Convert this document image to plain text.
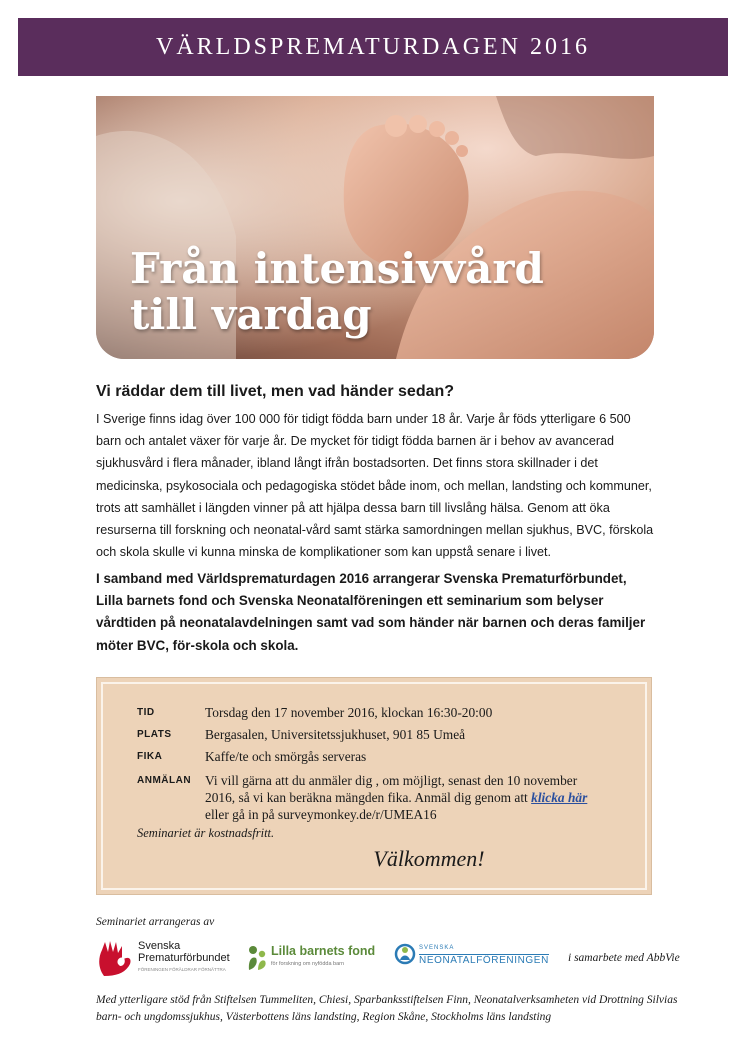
VÄRLDSPREMATURDAGEN 2016
Från intensivvård
till vardag
Vi räddar dem till livet, men vad händer sedan?
I Sverige finns idag över 100 000 för tidigt födda barn under 18 år. Varje år föds ytterligare 6 500 barn och antalet växer för varje år. De mycket för tidigt födda barnen är i behov av avancerad sjukhusvård i flera månader, ibland långt ifrån bostadsorten. Det finns stora skillnader i det medicinska, psykosociala och pedagogiska stödet både inom, och mellan, landsting och kommuner, trots att samhället i längden vinner på att hjälpa dessa barn till livslång hälsa. Genom att öka resurserna till forskning och neonatal-vård samt stärka samordningen mellan sjukhus, BVC, förskola och skola skulle vi kunna minska de komplikationer som kan uppstå senare i livet.
I samband med Världsprematurdagen 2016 arrangerar Svenska Prematurförbundet, Lilla barnets fond och Svenska Neonatalföreningen ett seminarium som belyser vårdtiden på neonatalavdelningen samt vad som händer när barnen och deras familjer möter BVC, för-skola och skola.
TID	Torsdag den 17 november 2016, klockan 16:30-20:00
PLATS	Bergasalen, Universitetssjukhuset, 901 85 Umeå
FIKA	Kaffe/te och smörgås serveras
ANMÄLAN	Vi vill gärna att du anmäler dig , om möjligt, senast den 10 november 2016, så vi kan beräkna mängden fika. Anmäl dig genom att klicka här
eller gå in på surveymonkey.de/r/UMEA16
Seminariet är kostnadsfritt.
Välkommen!
Seminariet arrangeras av
Svenska
Prematurförbundet
FÖRENINGEN FÖRÄLDRAR FÖRNÄTTRA
Lilla barnets fond
för forskning om nyfödda barn
SVENSKA
NEONATALFÖRENINGEN i samarbete med AbbVie
Med ytterligare stöd från Stiftelsen Tummeliten, Chiesi, Sparbanksstiftelsen Finn, Neonatalverksamheten vid Drottning Silvias barn- och ungdomssjukhus, Västerbottens läns landsting, Region Skåne, Stockholms läns landsting
